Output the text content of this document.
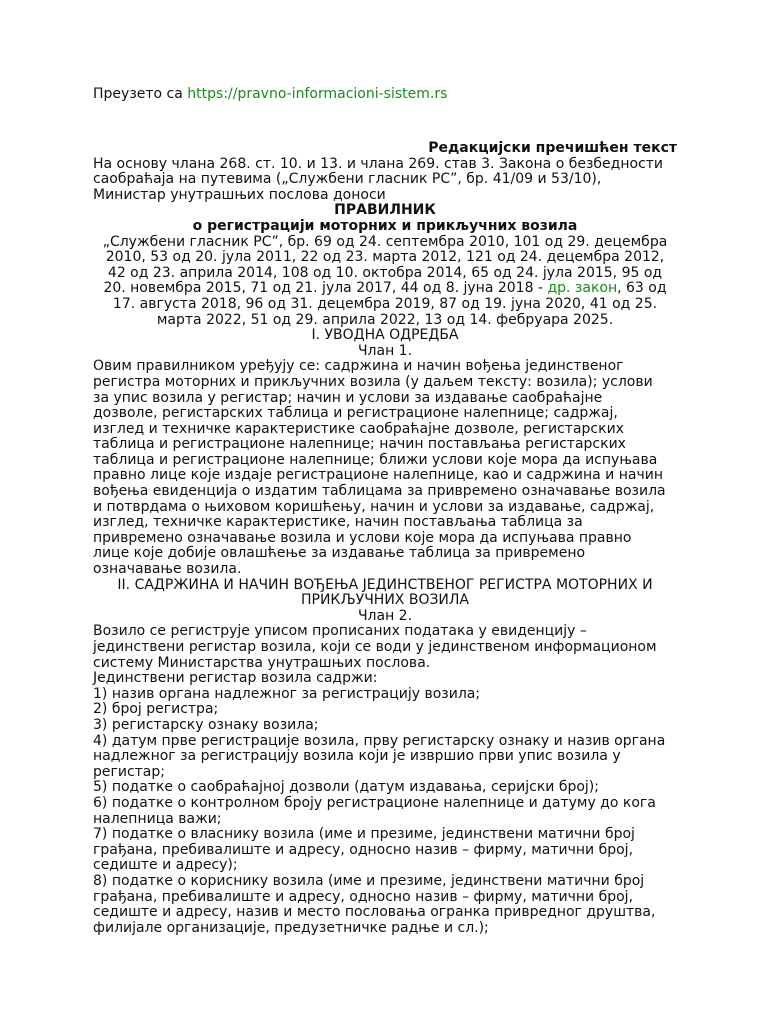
Преузето са https://pravno-informacioni-sistem.rs
Редакцијски пречишћен текст
На основу члана 268. ст. 10. и 13. и члана 269. став 3. Закона о безбедности
саобраћаја на путевима („Службени гласник РС”, бр. 41/09 и 53/10),
Министар унутрашњих послова доноси
ПРАВИЛНИК
о регистрацији моторних и прикључних возила
„Службени гласник РС”, бр. 69 од 24. септембра 2010, 101 од 29. децембра
2010, 53 од 20. јула 2011, 22 од 23. марта 2012, 121 од 24. децембра 2012,
42 од 23. априла 2014, 108 од 10. октобра 2014, 65 од 24. јула 2015, 95 од
20. новембра 2015, 71 од 21. јула 2017, 44 од 8. јуна 2018 - др. закон, 63 од
17. августа 2018, 96 од 31. децембра 2019, 87 од 19. јуна 2020, 41 од 25.
марта 2022, 51 од 29. априла 2022, 13 од 14. фебруара 2025.
I. УВОДНА ОДРЕДБА
Члан 1.
Овим правилником уређују се: садржина и начин вођења јединственог
регистра моторних и прикључних возила (у даљем тексту: возила); услови
за упис возила у регистар; начин и услови за издавање саобраћајне
дозволе, регистарских таблица и регистрационе налепнице; садржај,
изглед и техничке карактеристике саобраћајне дозволе, регистарских
таблица и регистрационе налепнице; начин постављања регистарских
таблица и регистрационе налепнице; ближи услови које мора да испуњава
правно лице које издаје регистрационе налепнице, као и садржина и начин
вођења евиденција о издатим таблицама за привремено означавање возила
и потврдама о њиховом коришћењу, начин и услови за издавање, садржај,
изглед, техничке карактеристике, начин постављања таблица за
привремено означавање возила и услови које мора да испуњава правно
лице које добије овлашћење за издавање таблица за привремено
означавање возила.
II. САДРЖИНА И НАЧИН ВОЂЕЊА ЈЕДИНСТВЕНОГ РЕГИСТРА МОТОРНИХ И
ПРИКЉУЧНИХ ВОЗИЛА
Члан 2.
Возило се региструје уписом прописаних података у евиденцију –
јединствени регистар возила, који се води у јединственом информационом
систему Министарства унутрашњих послова.
Јединствени регистар возила садржи:
1) назив органа надлежног за регистрацију возила;
2) број регистра;
3) регистарску ознаку возила;
4) датум прве регистрације возила, прву регистарску ознаку и назив органа
надлежног за регистрацију возила који је извршио први упис возила у
регистар;
5) податке о саобраћајној дозволи (датум издавања, серијски број);
6) податке о контролном броју регистрационе налепнице и датуму до кога
налепница важи;
7) податке о власнику возила (име и презиме, јединствени матични број
грађана, пребивалиште и адресу, односно назив – фирму, матични број,
седиште и адресу);
8) податке о кориснику возила (име и презиме, јединствени матични број
грађана, пребивалиште и адресу, односно назив – фирму, матични број,
седиште и адресу, назив и место пословања огранка привредног друштва,
филијале организације, предузетничке радње и сл.);
